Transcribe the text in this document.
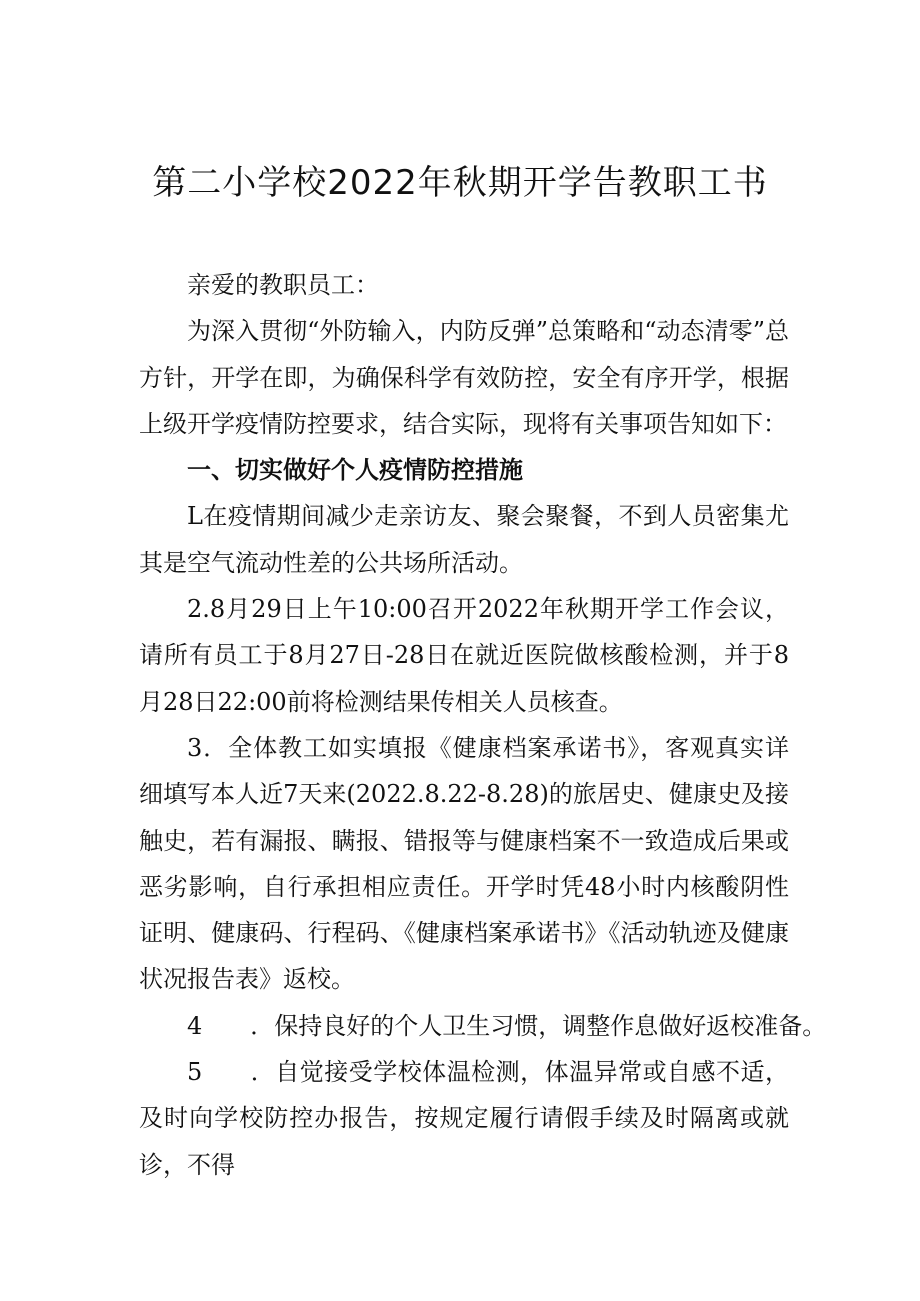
第二小学校2022年秋期开学告教职工书

亲爱的教职员工：

为深入贯彻“外防输入，内防反弹”总策略和“动态清零”总方针，开学在即，为确保科学有效防控，安全有序开学，根据上级开学疫情防控要求，结合实际，现将有关事项告知如下：

一、切实做好个人疫情防控措施

L在疫情期间减少走亲访友、聚会聚餐，不到人员密集尤其是空气流动性差的公共场所活动。

2.8月29日上午10:00召开2022年秋期开学工作会议，请所有员工于8月27日-28日在就近医院做核酸检测，并于8月28日22:00前将检测结果传相关人员核查。

3．全体教工如实填报《健康档案承诺书》，客观真实详细填写本人近7天来(2022.8.22-8.28)的旅居史、健康史及接触史，若有漏报、瞒报、错报等与健康档案不一致造成后果或恶劣影响，自行承担相应责任。开学时凭48小时内核酸阴性证明、健康码、行程码、《健康档案承诺书》《活动轨迹及健康状况报告表》返校。

4 ．保持良好的个人卫生习惯，调整作息做好返校准备。

5 ．自觉接受学校体温检测，体温异常或自感不适，及时向学校防控办报告，按规定履行请假手续及时隔离或就诊，不得
